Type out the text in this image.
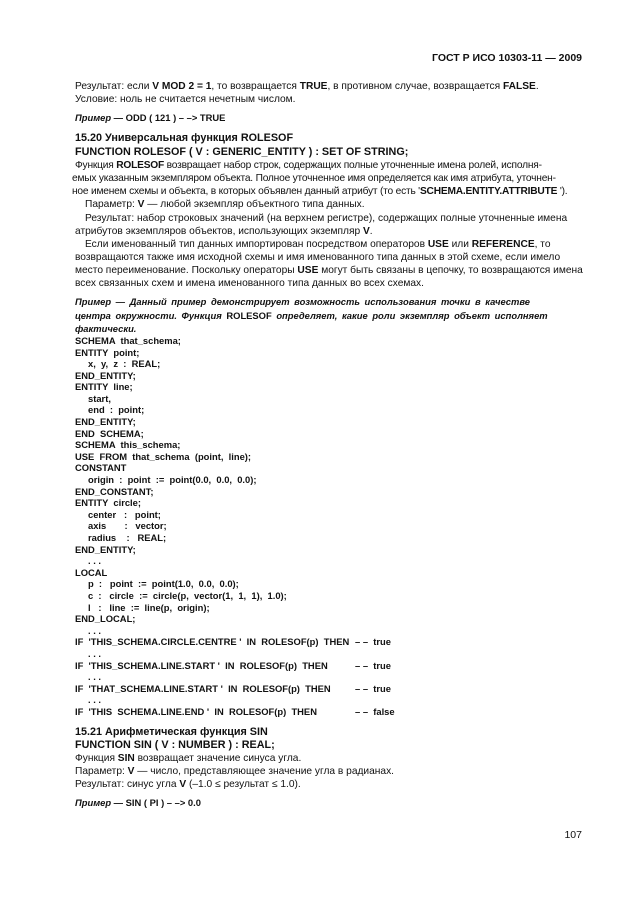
ГОСТ Р ИСО 10303-11 — 2009

Результат: если V MOD 2 = 1, то возвращается TRUE, в противном случае, возвращается FALSE.

Условие: ноль не считается нечетным числом.

Пример — ODD ( 121 ) – –> TRUE

15.20 Универсальная функция ROLESOF

FUNCTION ROLESOF ( V : GENERIC_ENTITY ) : SET OF STRING;

Функция ROLESOF возвращает набор строк, содержащих полные уточненные имена ролей, исполня-

емых указанным экземпляром объекта. Полное уточненное имя определяется как имя атрибута, уточнен-

ное именем схемы и объекта, в которых объявлен данный атрибут (то есть 'SCHEMA.ENTITY.ATTRIBUTE ').

Параметр: V — любой экземпляр объектного типа данных.

Результат: набор строковых значений (на верхнем регистре), содержащих полные уточненные имена

атрибутов экземпляров объектов, использующих экземпляр V.

Если именованный тип данных импортирован посредством операторов USE или REFERENCE, то

возвращаются также имя исходной схемы и имя именованного типа данных в этой схеме, если имело

место переименование. Поскольку операторы USE могут быть связаны в цепочку, то возвращаются имена

всех связанных схем и имена именованного типа данных во всех схемах.

Пример — Данный пример демонстрирует возможность использования точки в качестве

центра окружности. Функция ROLESOF определяет, какие роли экземпляр объект исполняет

фактически.

SCHEMA  that_schema;
ENTITY  point;
x,  y,  z  :  REAL;
END_ENTITY;
ENTITY  line;
start,
end  :  point;
END_ENTITY;
END  SCHEMA;
SCHEMA  this_schema;
USE  FROM  that_schema  (point,  line);
CONSTANT
origin  :  point  :=  point(0.0,  0.0,  0.0);
END_CONSTANT;
ENTITY  circle;
center   :   point;
axis       :   vector;
radius    :   REAL;
END_ENTITY;
. . .
LOCAL
p  :   point  :=  point(1.0,  0.0,  0.0);
c  :   circle  :=  circle(p,  vector(1,  1,  1),  1.0);
l   :   line  :=  line(p,  origin);
END_LOCAL;
. . .
IF  'THIS_SCHEMA.CIRCLE.CENTRE '  IN  ROLESOF(p)  THEN – –  true
. . .
IF  'THIS_SCHEMA.LINE.START '  IN  ROLESOF(p)  THEN	– –  true
. . .
IF  'THAT_SCHEMA.LINE.START '  IN  ROLESOF(p)  THEN	– –  true
. . .
IF  'THIS  SCHEMA.LINE.END '  IN  ROLESOF(p)  THEN	– –  false

15.21 Арифметическая функция SIN

FUNCTION SIN ( V : NUMBER ) : REAL;

Функция SIN возвращает значение синуса угла.

Параметр: V — число, представляющее значение угла в радианах.

Результат: синус угла V (–1.0 ≤ результат ≤ 1.0).

Пример — SIN ( PI ) – –> 0.0

107
